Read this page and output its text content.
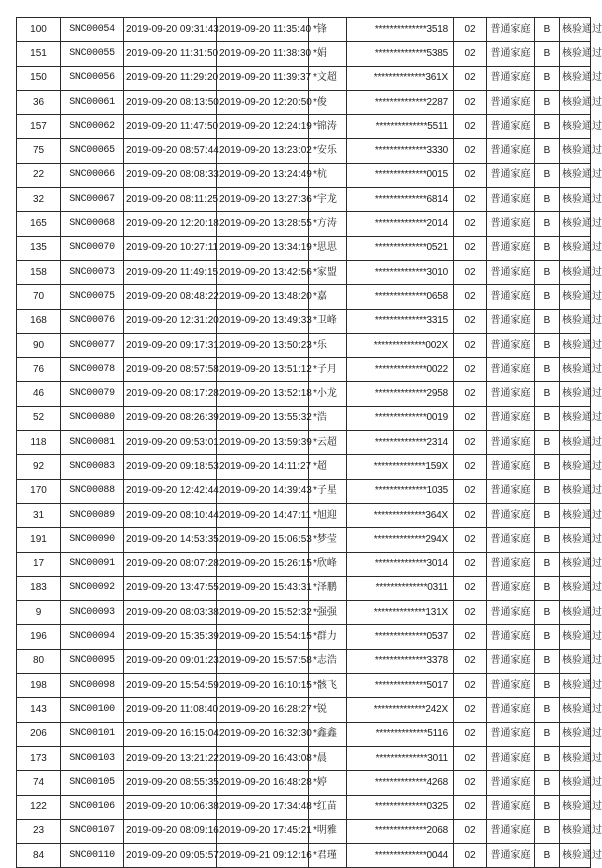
100	SNC00054	2019-09-20 09:31:43	2019-09-20 11:35:40	*锋	**************3518	02	普通家庭	B	核验通过
151	SNC00055	2019-09-20 11:31:50	2019-09-20 11:38:30	*娟	**************5385	02	普通家庭	B	核验通过
150	SNC00056	2019-09-20 11:29:20	2019-09-20 11:39:37	*文超	**************361X	02	普通家庭	B	核验通过
36	SNC00061	2019-09-20 08:13:50	2019-09-20 12:20:50	*俊	**************2287	02	普通家庭	B	核验通过
157	SNC00062	2019-09-20 11:47:50	2019-09-20 12:24:19	*锦涛	**************5511	02	普通家庭	B	核验通过
75	SNC00065	2019-09-20 08:57:44	2019-09-20 13:23:02	*安乐	**************3330	02	普通家庭	B	核验通过
22	SNC00066	2019-09-20 08:08:33	2019-09-20 13:24:49	*杭	**************0015	02	普通家庭	B	核验通过
32	SNC00067	2019-09-20 08:11:25	2019-09-20 13:27:36	*宇龙	**************6814	02	普通家庭	B	核验通过
165	SNC00068	2019-09-20 12:20:18	2019-09-20 13:28:55	*方涛	**************2014	02	普通家庭	B	核验通过
135	SNC00070	2019-09-20 10:27:11	2019-09-20 13:34:19	*思思	**************0521	02	普通家庭	B	核验通过
158	SNC00073	2019-09-20 11:49:15	2019-09-20 13:42:56	*家盟	**************3010	02	普通家庭	B	核验通过
70	SNC00075	2019-09-20 08:48:22	2019-09-20 13:48:20	*嘉	**************0658	02	普通家庭	B	核验通过
168	SNC00076	2019-09-20 12:31:20	2019-09-20 13:49:33	*卫峰	**************3315	02	普通家庭	B	核验通过
90	SNC00077	2019-09-20 09:17:31	2019-09-20 13:50:23	*乐	**************002X	02	普通家庭	B	核验通过
76	SNC00078	2019-09-20 08:57:58	2019-09-20 13:51:12	*子月	**************0022	02	普通家庭	B	核验通过
46	SNC00079	2019-09-20 08:17:28	2019-09-20 13:52:18	*小龙	**************2958	02	普通家庭	B	核验通过
52	SNC00080	2019-09-20 08:26:39	2019-09-20 13:55:32	*浩	**************0019	02	普通家庭	B	核验通过
118	SNC00081	2019-09-20 09:53:01	2019-09-20 13:59:39	*云超	**************2314	02	普通家庭	B	核验通过
92	SNC00083	2019-09-20 09:18:53	2019-09-20 14:11:27	*超	**************159X	02	普通家庭	B	核验通过
170	SNC00088	2019-09-20 12:42:44	2019-09-20 14:39:43	*子星	**************1035	02	普通家庭	B	核验通过
31	SNC00089	2019-09-20 08:10:44	2019-09-20 14:47:11	*旭迎	**************364X	02	普通家庭	B	核验通过
191	SNC00090	2019-09-20 14:53:35	2019-09-20 15:06:53	*梦莹	**************294X	02	普通家庭	B	核验通过
17	SNC00091	2019-09-20 08:07:28	2019-09-20 15:26:15	*欣峰	**************3014	02	普通家庭	B	核验通过
183	SNC00092	2019-09-20 13:47:55	2019-09-20 15:43:31	*泽鹏	**************0311	02	普通家庭	B	核验通过
9	SNC00093	2019-09-20 08:03:38	2019-09-20 15:52:32	*强强	**************131X	02	普通家庭	B	核验通过
196	SNC00094	2019-09-20 15:35:39	2019-09-20 15:54:15	*群力	**************0537	02	普通家庭	B	核验通过
80	SNC00095	2019-09-20 09:01:23	2019-09-20 15:57:58	*志浩	**************3378	02	普通家庭	B	核验通过
198	SNC00098	2019-09-20 15:54:59	2019-09-20 16:10:15	*骸飞	**************5017	02	普通家庭	B	核验通过
143	SNC00100	2019-09-20 11:08:40	2019-09-20 16:28:27	*锐	**************242X	02	普通家庭	B	核验通过
206	SNC00101	2019-09-20 16:15:04	2019-09-20 16:32:30	*鑫鑫	**************5116	02	普通家庭	B	核验通过
173	SNC00103	2019-09-20 13:21:22	2019-09-20 16:43:08	*晨	**************3011	02	普通家庭	B	核验通过
74	SNC00105	2019-09-20 08:55:35	2019-09-20 16:48:28	*婷	**************4268	02	普通家庭	B	核验通过
122	SNC00106	2019-09-20 10:06:38	2019-09-20 17:34:48	*红苗	**************0325	02	普通家庭	B	核验通过
23	SNC00107	2019-09-20 08:09:16	2019-09-20 17:45:21	*明雅	**************2068	02	普通家庭	B	核验通过
84	SNC00110	2019-09-20 09:05:57	2019-09-21 09:12:16	*君瑾	**************0044	02	普通家庭	B	核验通过
